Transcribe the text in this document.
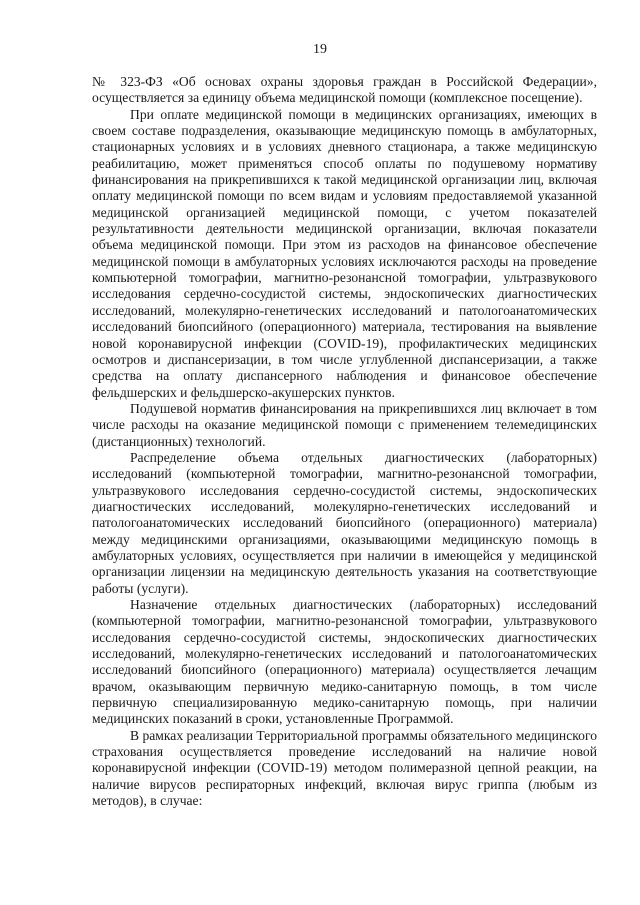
19

№ 323-ФЗ «Об основах охраны здоровья граждан в Российской Федерации», осуществляется за единицу объема медицинской помощи (комплексное посещение).

При оплате медицинской помощи в медицинских организациях, имеющих в своем составе подразделения, оказывающие медицинскую помощь в амбулаторных, стационарных условиях и в условиях дневного стационара, а также медицинскую реабилитацию, может применяться способ оплаты по подушевому нормативу финансирования на прикрепившихся к такой медицинской организации лиц, включая оплату медицинской помощи по всем видам и условиям предоставляемой указанной медицинской организацией медицинской помощи, с учетом показателей результативности деятельности медицинской организации, включая показатели объема медицинской помощи. При этом из расходов на финансовое обеспечение медицинской помощи в амбулаторных условиях исключаются расходы на проведение компьютерной томографии, магнитно-резонансной томографии, ультразвукового исследования сердечно-сосудистой системы, эндоскопических диагностических исследований, молекулярно-генетических исследований и патологоанатомических исследований биопсийного (операционного) материала, тестирования на выявление новой коронавирусной инфекции (COVID-19), профилактических медицинских осмотров и диспансеризации, в том числе углубленной диспансеризации, а также средства на оплату диспансерного наблюдения и финансовое обеспечение фельдшерских и фельдшерско-акушерских пунктов.

Подушевой норматив финансирования на прикрепившихся лиц включает в том числе расходы на оказание медицинской помощи с применением телемедицинских (дистанционных) технологий.

Распределение объема отдельных диагностических (лабораторных) исследований (компьютерной томографии, магнитно-резонансной томографии, ультразвукового исследования сердечно-сосудистой системы, эндоскопических диагностических исследований, молекулярно-генетических исследований и патологоанатомических исследований биопсийного (операционного) материала) между медицинскими организациями, оказывающими медицинскую помощь в амбулаторных условиях, осуществляется при наличии в имеющейся у медицинской организации лицензии на медицинскую деятельность указания на соответствующие работы (услуги).

Назначение отдельных диагностических (лабораторных) исследований (компьютерной томографии, магнитно-резонансной томографии, ультразвукового исследования сердечно-сосудистой системы, эндоскопических диагностических исследований, молекулярно-генетических исследований и патологоанатомических исследований биопсийного (операционного) материала) осуществляется лечащим врачом, оказывающим первичную медико-санитарную помощь, в том числе первичную специализированную медико-санитарную помощь, при наличии медицинских показаний в сроки, установленные Программой.

В рамках реализации Территориальной программы обязательного медицинского страхования осуществляется проведение исследований на наличие новой коронавирусной инфекции (COVID-19) методом полимеразной цепной реакции, на наличие вирусов респираторных инфекций, включая вирус гриппа (любым из методов), в случае:
